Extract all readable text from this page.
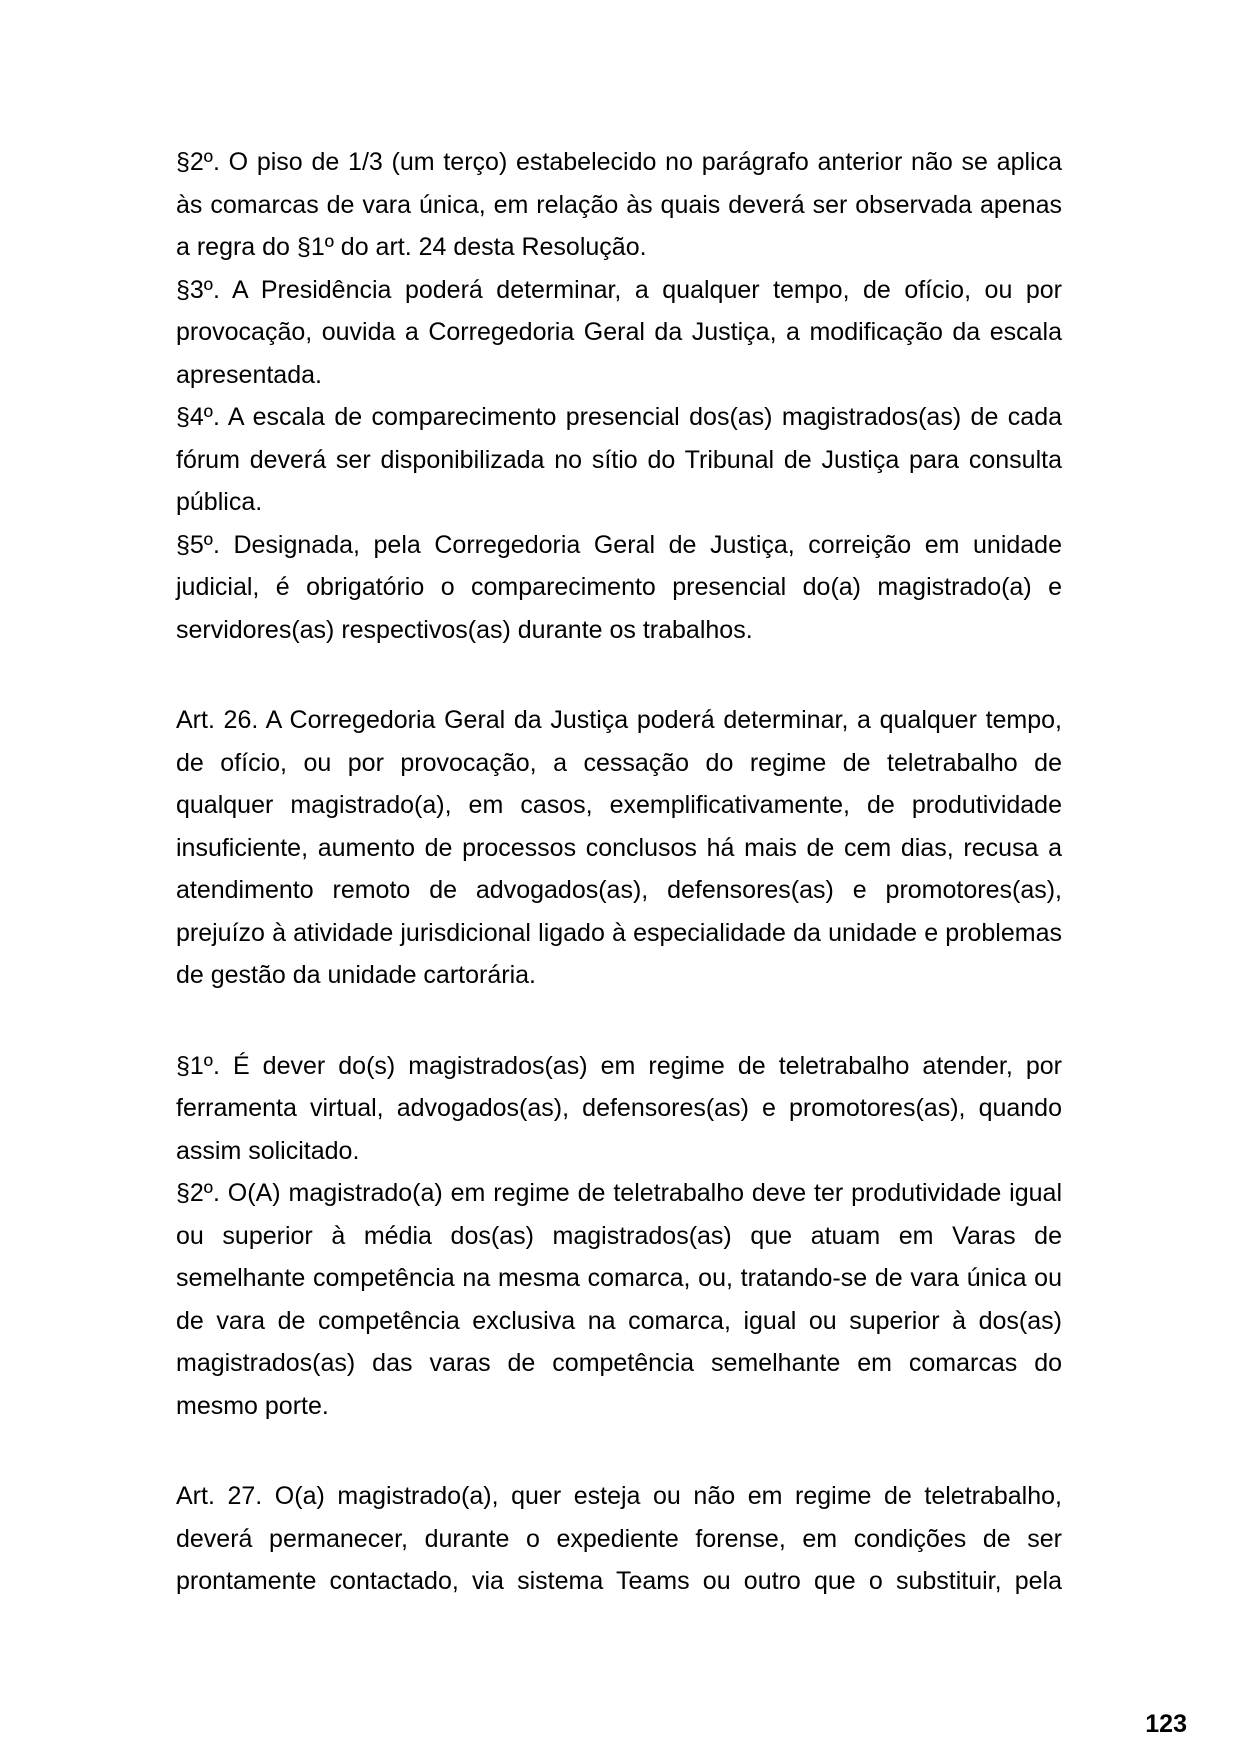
§2º. O piso de 1/3 (um terço) estabelecido no parágrafo anterior não se aplica
às comarcas de vara única, em relação às quais deverá ser observada apenas
a regra do §1º do art. 24 desta Resolução.

§3º. A Presidência poderá determinar, a qualquer tempo, de ofício, ou por
provocação, ouvida a Corregedoria Geral da Justiça, a modificação da escala
apresentada.

§4º. A escala de comparecimento presencial dos(as) magistrados(as) de cada
fórum deverá ser disponibilizada no sítio do Tribunal de Justiça para consulta
pública.

§5º. Designada, pela Corregedoria Geral de Justiça, correição em unidade
judicial, é obrigatório o comparecimento presencial do(a) magistrado(a) e
servidores(as) respectivos(as) durante os trabalhos.

Art. 26. A Corregedoria Geral da Justiça poderá determinar, a qualquer tempo,
de ofício, ou por provocação, a cessação do regime de teletrabalho de
qualquer magistrado(a), em casos, exemplificativamente, de produtividade
insuficiente, aumento de processos conclusos há mais de cem dias, recusa a
atendimento remoto de advogados(as), defensores(as) e promotores(as),
prejuízo à atividade jurisdicional ligado à especialidade da unidade e problemas
de gestão da unidade cartorária.

§1º. É dever do(s) magistrados(as) em regime de teletrabalho atender, por
ferramenta virtual, advogados(as), defensores(as) e promotores(as), quando
assim solicitado.

§2º. O(A) magistrado(a) em regime de teletrabalho deve ter produtividade igual
ou superior à média dos(as) magistrados(as) que atuam em Varas de
semelhante competência na mesma comarca, ou, tratando-se de vara única ou
de vara de competência exclusiva na comarca, igual ou superior à dos(as)
magistrados(as) das varas de competência semelhante em comarcas do
mesmo porte.

Art. 27. O(a) magistrado(a), quer esteja ou não em regime de teletrabalho,
deverá permanecer, durante o expediente forense, em condições de ser
prontamente contactado, via sistema Teams ou outro que o substituir, pela

123
